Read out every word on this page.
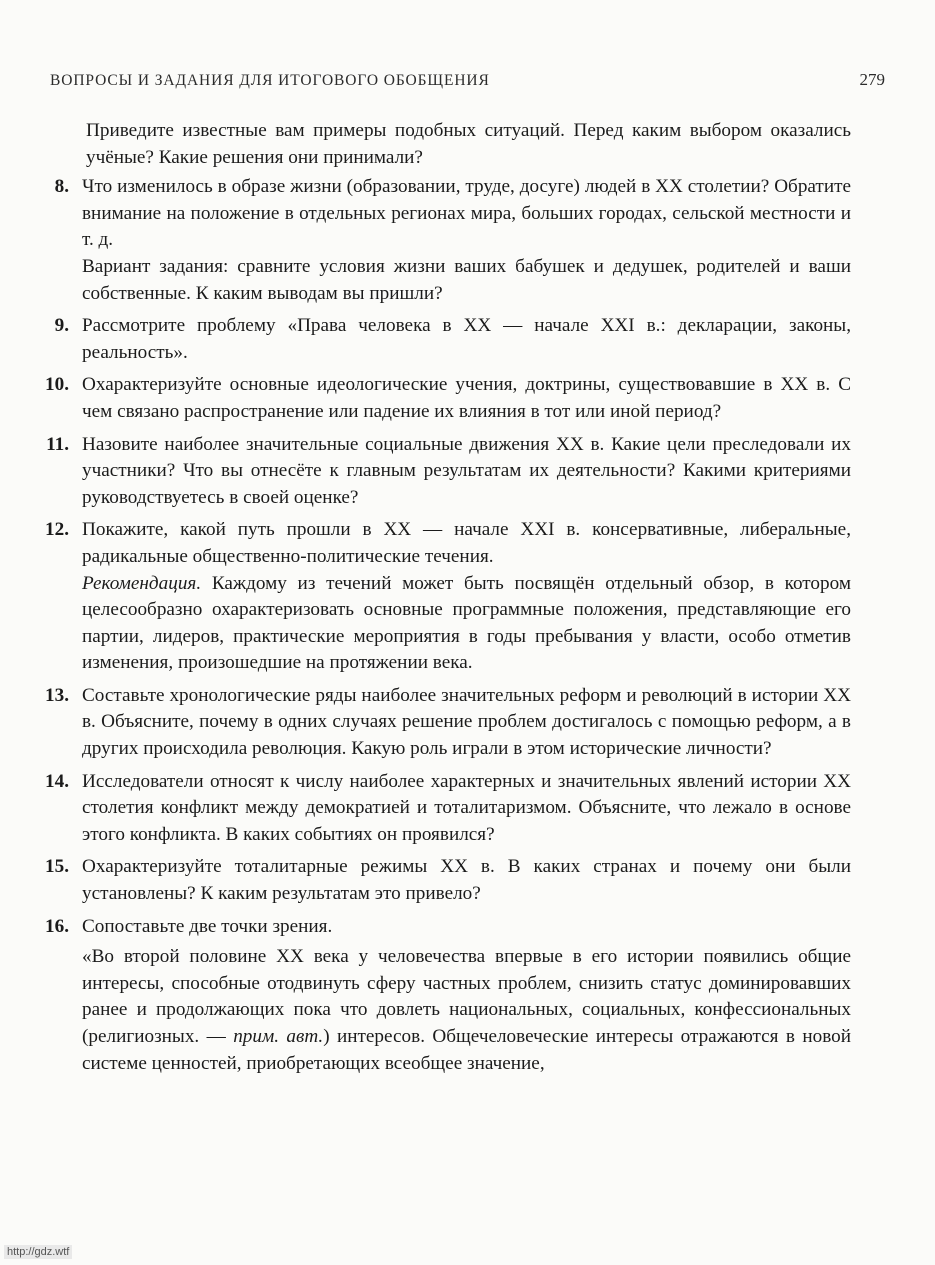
ВОПРОСЫ И ЗАДАНИЯ ДЛЯ ИТОГОВОГО ОБОБЩЕНИЯ	279

Приведите известные вам примеры подобных ситуаций. Перед каким выбором оказались учёные? Какие решения они принимали?

8. Что изменилось в образе жизни (образовании, труде, досуге) людей в XX столетии? Обратите внимание на положение в отдельных регионах мира, больших городах, сельской местности и т. д.

Вариант задания: сравните условия жизни ваших бабушек и дедушек, родителей и ваши собственные. К каким выводам вы пришли?

9. Рассмотрите проблему «Права человека в XX — начале XXI в.: декларации, законы, реальность».

10. Охарактеризуйте основные идеологические учения, доктрины, существовавшие в XX в. С чем связано распространение или падение их влияния в тот или иной период?

11. Назовите наиболее значительные социальные движения XX в. Какие цели преследовали их участники? Что вы отнесёте к главным результатам их деятельности? Какими критериями руководствуетесь в своей оценке?

12. Покажите, какой путь прошли в XX — начале XXI в. консервативные, либеральные, радикальные общественно-политические течения.

Рекомендация. Каждому из течений может быть посвящён отдельный обзор, в котором целесообразно охарактеризовать основные программные положения, представляющие его партии, лидеров, практические мероприятия в годы пребывания у власти, особо отметив изменения, произошедшие на протяжении века.

13. Составьте хронологические ряды наиболее значительных реформ и революций в истории XX в. Объясните, почему в одних случаях решение проблем достигалось с помощью реформ, а в других происходила революция. Какую роль играли в этом исторические личности?

14. Исследователи относят к числу наиболее характерных и значительных явлений истории XX столетия конфликт между демократией и тоталитаризмом. Объясните, что лежало в основе этого конфликта. В каких событиях он проявился?

15. Охарактеризуйте тоталитарные режимы XX в. В каких странах и почему они были установлены? К каким результатам это привело?

16. Сопоставьте две точки зрения.

«Во второй половине XX века у человечества впервые в его истории появились общие интересы, способные отодвинуть сферу частных проблем, снизить статус доминировавших ранее и продолжающих пока что довлеть национальных, социальных, конфессиональных (религиозных. — прим. авт.) интересов. Общечеловеческие интересы отражаются в новой системе ценностей, приобретающих всеобщее значение,

http://gdz.wtf
